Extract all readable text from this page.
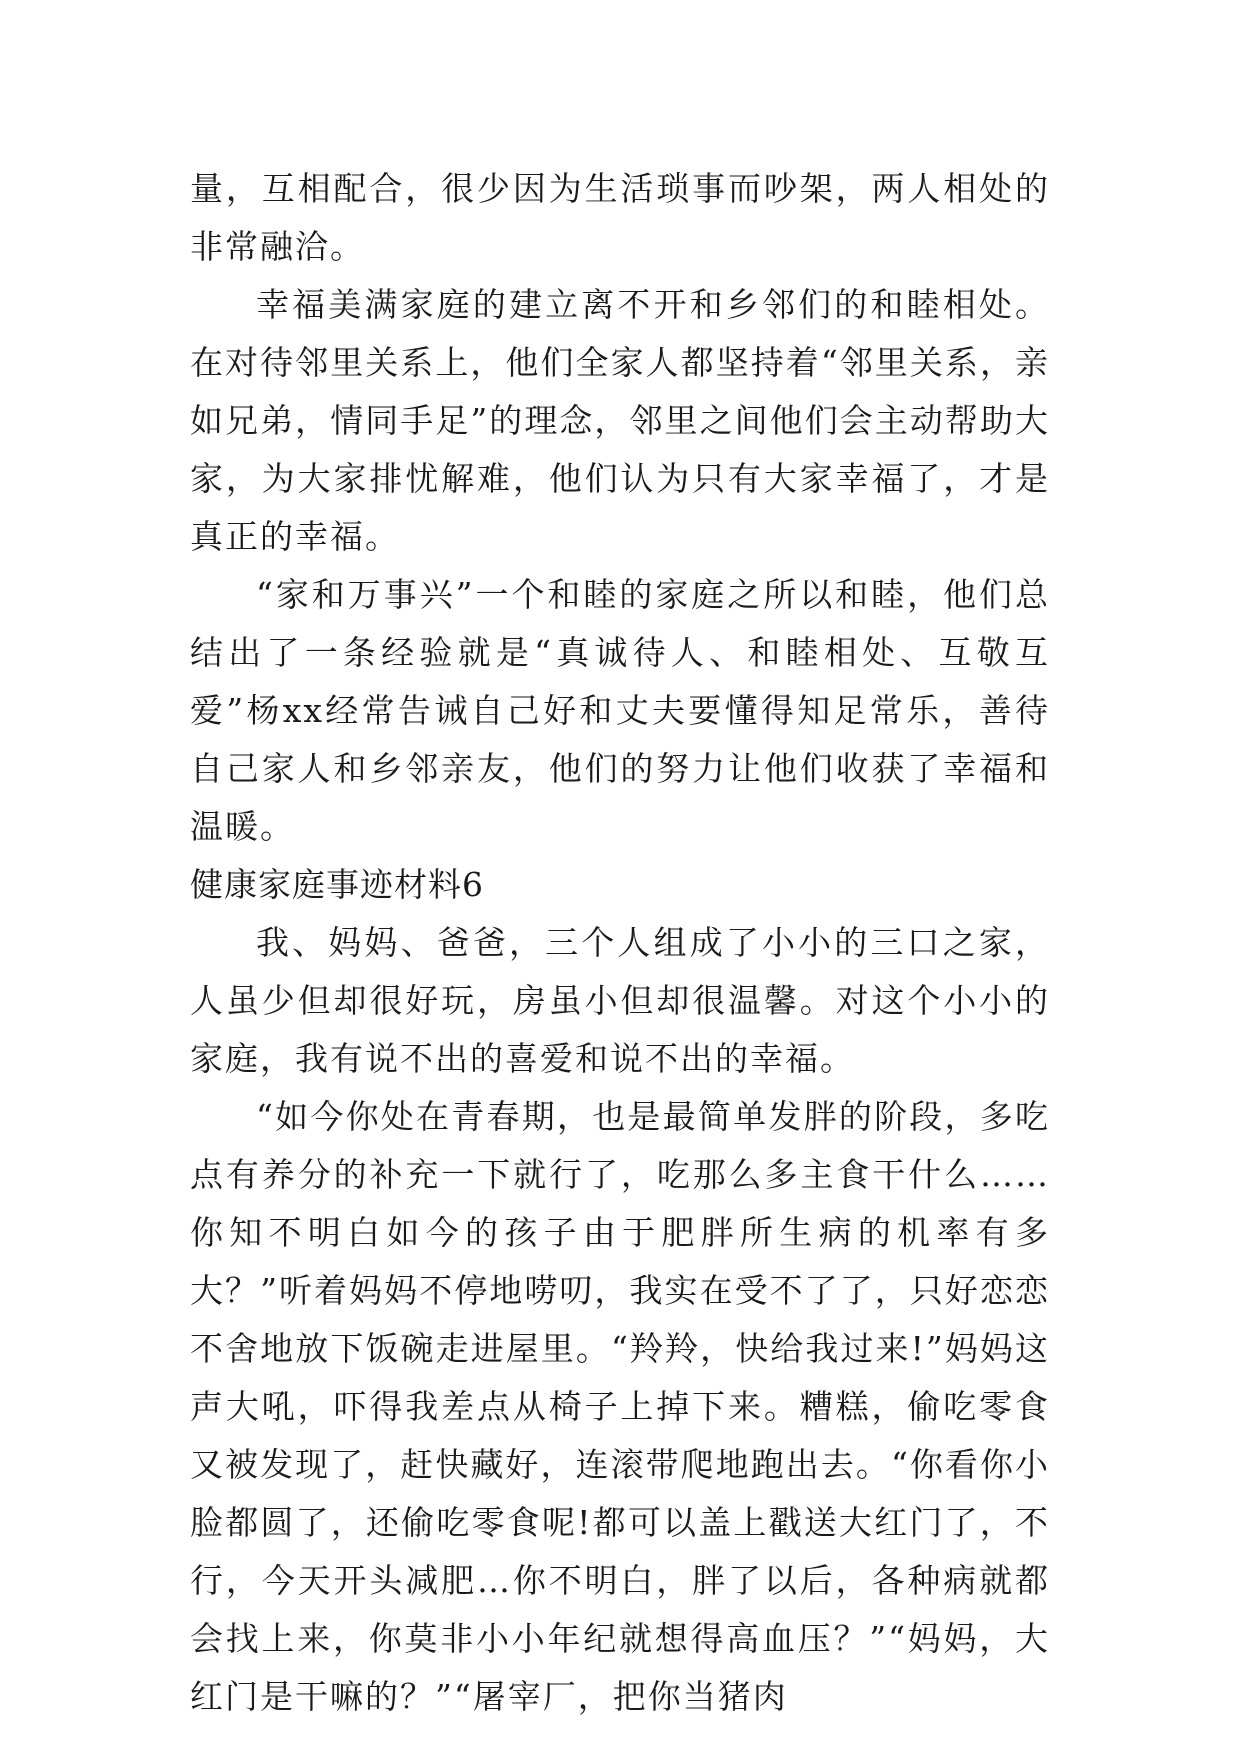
量，互相配合，很少因为生活琐事而吵架，两人相处的非常融洽。

幸福美满家庭的建立离不开和乡邻们的和睦相处。在对待邻里关系上，他们全家人都坚持着“邻里关系，亲如兄弟，情同手足”的理念，邻里之间他们会主动帮助大家，为大家排忧解难，他们认为只有大家幸福了，才是真正的幸福。

“家和万事兴”一个和睦的家庭之所以和睦，他们总结出了一条经验就是“真诚待人、和睦相处、互敬互爱”杨xx经常告诫自己好和丈夫要懂得知足常乐，善待自己家人和乡邻亲友，他们的努力让他们收获了幸福和温暖。

健康家庭事迹材料6

我、妈妈、爸爸，三个人组成了小小的三口之家，人虽少但却很好玩，房虽小但却很温馨。对这个小小的家庭，我有说不出的喜爱和说不出的幸福。

“如今你处在青春期，也是最简单发胖的阶段，多吃点有养分的补充一下就行了，吃那么多主食干什么……你知不明白如今的孩子由于肥胖所生病的机率有多大？”听着妈妈不停地唠叨，我实在受不了了，只好恋恋不舍地放下饭碗走进屋里。“羚羚，快给我过来!”妈妈这声大吼，吓得我差点从椅子上掉下来。糟糕，偷吃零食又被发现了，赶快藏好，连滚带爬地跑出去。“你看你小脸都圆了，还偷吃零食呢!都可以盖上戳送大红门了，不行，今天开头减肥…你不明白，胖了以后，各种病就都会找上来，你莫非小小年纪就想得高血压？”“妈妈，大红门是干嘛的？”“屠宰厂，把你当猪肉
